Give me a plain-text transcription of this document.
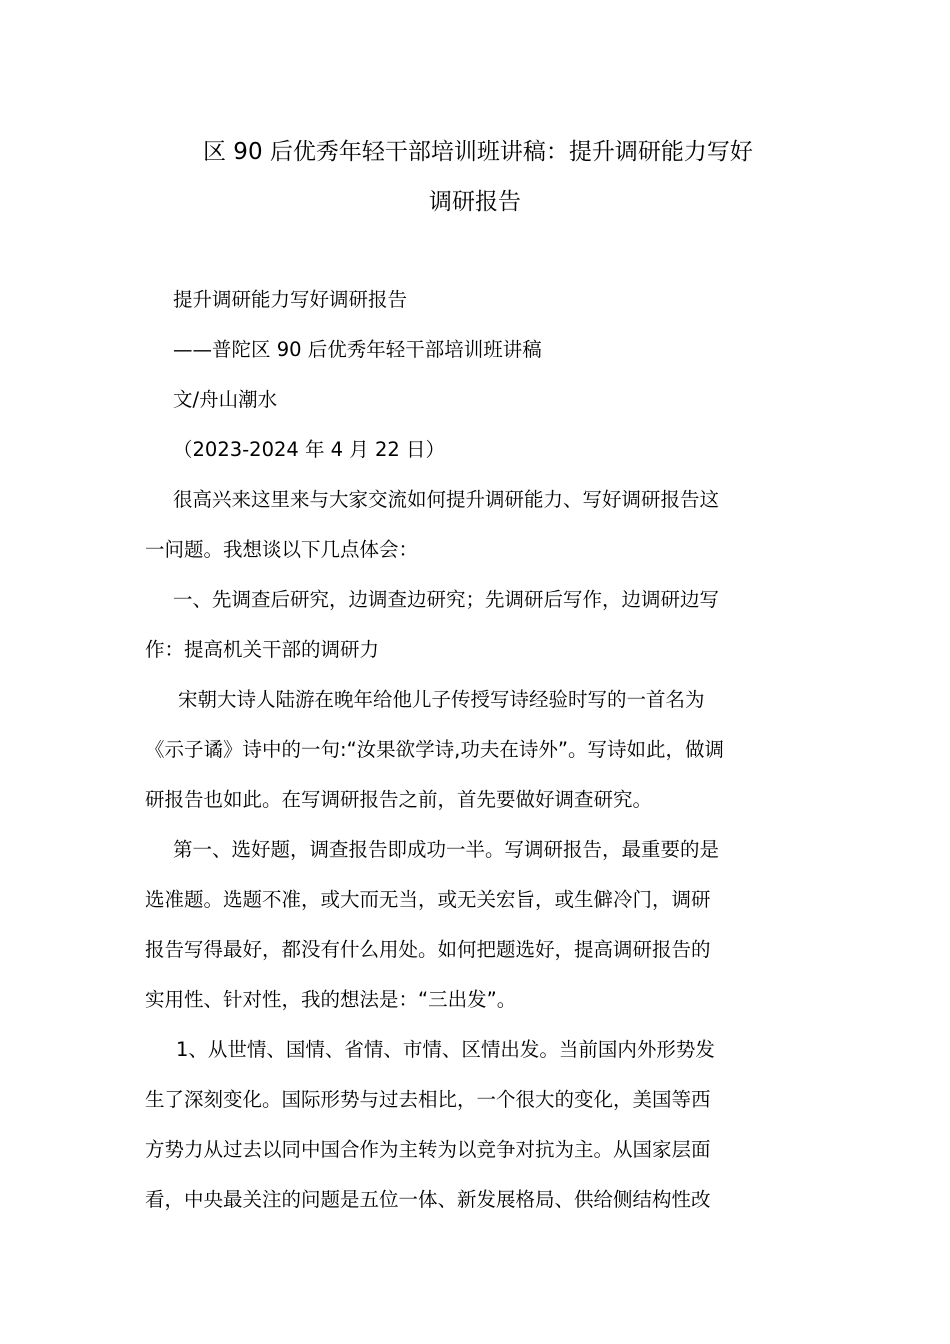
区 90 后优秀年轻干部培训班讲稿：提升调研能力写好
调研报告
提升调研能力写好调研报告
——普陀区 90 后优秀年轻干部培训班讲稿
文/舟山潮水
（2023-2024 年 4 月 22 日）
很高兴来这里来与大家交流如何提升调研能力、写好调研报告这
一问题。我想谈以下几点体会：
一、先调查后研究，边调查边研究；先调研后写作，边调研边写
作：提高机关干部的调研力
宋朝大诗人陆游在晚年给他儿子传授写诗经验时写的一首名为
《示子谲》诗中的一句:“汝果欲学诗,功夫在诗外”。写诗如此，做调
研报告也如此。在写调研报告之前，首先要做好调查研究。
第一、选好题，调查报告即成功一半。写调研报告，最重要的是
选准题。选题不准，或大而无当，或无关宏旨，或生僻冷门，调研
报告写得最好，都没有什么用处。如何把题选好，提高调研报告的
实用性、针对性，我的想法是：“三出发”。
1、从世情、国情、省情、市情、区情出发。当前国内外形势发
生了深刻变化。国际形势与过去相比，一个很大的变化，美国等西
方势力从过去以同中国合作为主转为以竞争对抗为主。从国家层面
看，中央最关注的问题是五位一体、新发展格局、供给侧结构性改
